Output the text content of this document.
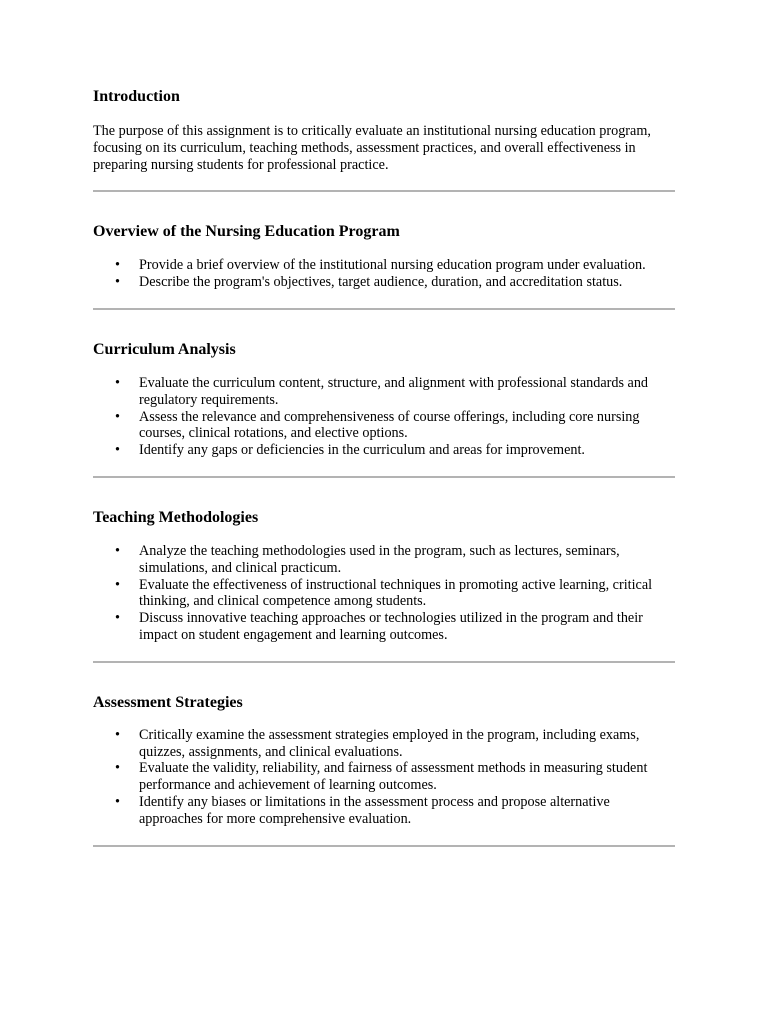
Introduction

The purpose of this assignment is to critically evaluate an institutional nursing education program, focusing on its curriculum, teaching methods, assessment practices, and overall effectiveness in preparing nursing students for professional practice.

Overview of the Nursing Education Program
• Provide a brief overview of the institutional nursing education program under evaluation.
• Describe the program's objectives, target audience, duration, and accreditation status.
Curriculum Analysis
• Evaluate the curriculum content, structure, and alignment with professional standards and regulatory requirements.
• Assess the relevance and comprehensiveness of course offerings, including core nursing courses, clinical rotations, and elective options.
• Identify any gaps or deficiencies in the curriculum and areas for improvement.
Teaching Methodologies
• Analyze the teaching methodologies used in the program, such as lectures, seminars, simulations, and clinical practicum.
• Evaluate the effectiveness of instructional techniques in promoting active learning, critical thinking, and clinical competence among students.
• Discuss innovative teaching approaches or technologies utilized in the program and their impact on student engagement and learning outcomes.
Assessment Strategies
• Critically examine the assessment strategies employed in the program, including exams, quizzes, assignments, and clinical evaluations.
• Evaluate the validity, reliability, and fairness of assessment methods in measuring student performance and achievement of learning outcomes.
• Identify any biases or limitations in the assessment process and propose alternative approaches for more comprehensive evaluation.
